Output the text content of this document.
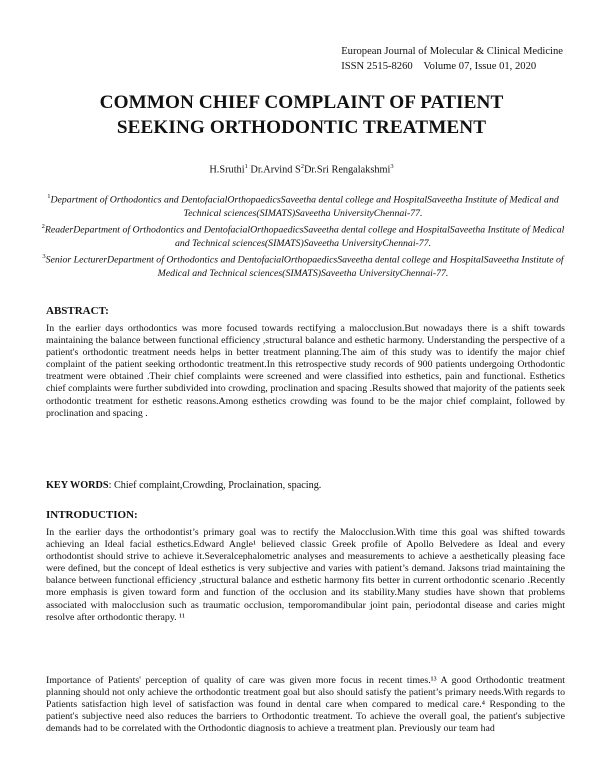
European Journal of Molecular & Clinical Medicine
ISSN 2515-8260 Volume 07, Issue 01, 2020
COMMON CHIEF COMPLAINT OF PATIENT
SEEKING ORTHODONTIC TREATMENT
H.Sruthi$^1$ Dr.Arvind $S^2Dr.Sri$ Rengalakshmi$^3$
$^1$Department of Orthodontics and DentofacialOrthopaedicsSaveetha dental college and HospitalSaveetha Institute of Medical and Technical sciences(SIMATS)Saveetha UniversityChennai-77.
$^2$ReaderDepartment of Orthodontics and DentofacialOrthopaedicsSaveetha dental college and HospitalSaveetha Institute of Medical and Technical sciences(SIMATS)Saveetha UniversityChennai-77.
$^3$Senior LecturerDepartment of Orthodontics and DentofacialOrthopaedicsSaveetha dental college and HospitalSaveetha Institute of Medical and Technical sciences(SIMATS)Saveetha UniversityChennai-77.
ABSTRACT:
In the earlier days orthodontics was more focused towards rectifying a malocclusion.But nowadays there is a shift towards maintaining the balance between functional efficiency ,structural balance and esthetic harmony. Understanding the perspective of a patient's orthodontic treatment needs helps in better treatment planning.The aim of this study was to identify the major chief complaint of the patient seeking orthodontic treatment.In this retrospective study records of 900 patients undergoing Orthodontic treatment were obtained .Their chief complaints were screened and were classified into esthetics, pain and functional. Esthetics chief complaints were further subdivided into crowding, proclination and spacing .Results showed that majority of the patients seek orthodontic treatment for esthetic reasons.Among esthetics crowding was found to be the major chief complaint, followed by proclination and spacing .
KEY WORDS: Chief complaint,Crowding, Proclaination, spacing.
INTRODUCTION:
In the earlier days the orthodontist’s primary goal was to rectify the Malocclusion.With time this goal was shifted towards achieving an Ideal facial esthetics.Edward Angle¹ believed classic Greek profile of Apollo Belvedere as Ideal and every orthodontist should strive to achieve it.Severalcephalometric analyses and measurements to achieve a aesthetically pleasing face were defined, but the concept of Ideal esthetics is very subjective and varies with patient’s demand. Jaksons triad maintaining the balance between functional efficiency ,structural balance and esthetic harmony fits better in current orthodontic scenario .Recently more emphasis is given toward form and function of the occlusion and its stability.Many studies have shown that problems associated with malocclusion such as traumatic occlusion, temporomandibular joint pain, periodontal disease and caries might resolve after orthodontic therapy. ¹¹
Importance of Patients' perception of quality of care was given more focus in recent times.¹³ A good Orthodontic treatment planning should not only achieve the orthodontic treatment goal but also should satisfy the patient’s primary needs.With regards to Patients satisfaction high level of satisfaction was found in dental care when compared to medical care.⁴ Responding to the patient's subjective need also reduces the barriers to Orthodontic treatment. To achieve the overall goal, the patient's subjective demands had to be correlated with the Orthodontic diagnosis to achieve a treatment plan. Previously our team had
